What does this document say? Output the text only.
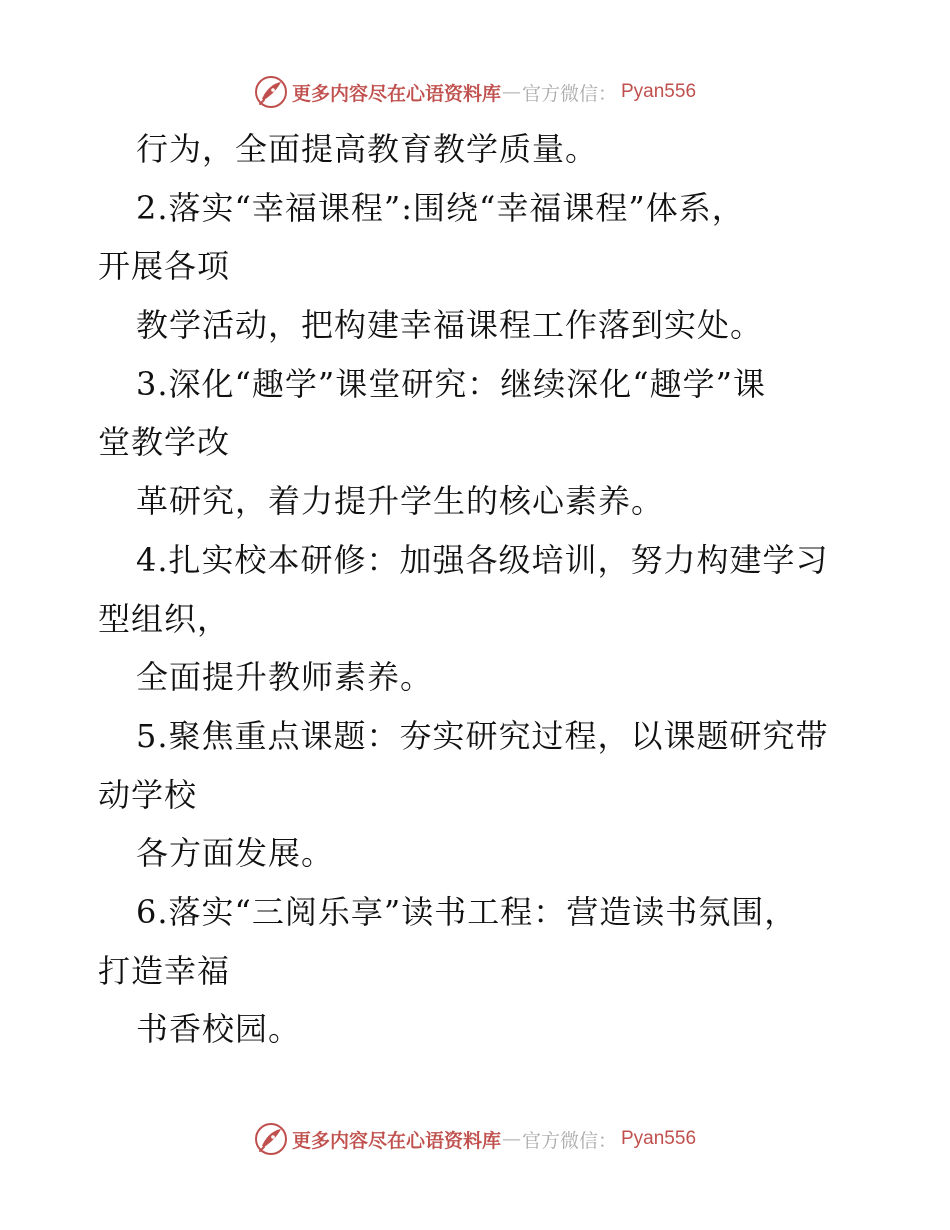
更多内容尽在心语资料库 — 官方微信： Pyan556
行为，全面提高教育教学质量。
2.落实“幸福课程”:围绕“幸福课程”体系，
开展各项
教学活动，把构建幸福课程工作落到实处。
3.深化“趣学”课堂研究：继续深化“趣学”课
堂教学改
革研究，着力提升学生的核心素养。
4.扎实校本研修：加强各级培训，努力构建学习
型组织，
全面提升教师素养。
5.聚焦重点课题：夯实研究过程，以课题研究带
动学校
各方面发展。
6.落实“三阅乐享”读书工程：营造读书氛围，
打造幸福
书香校园。
更多内容尽在心语资料库 — 官方微信： Pyan556
